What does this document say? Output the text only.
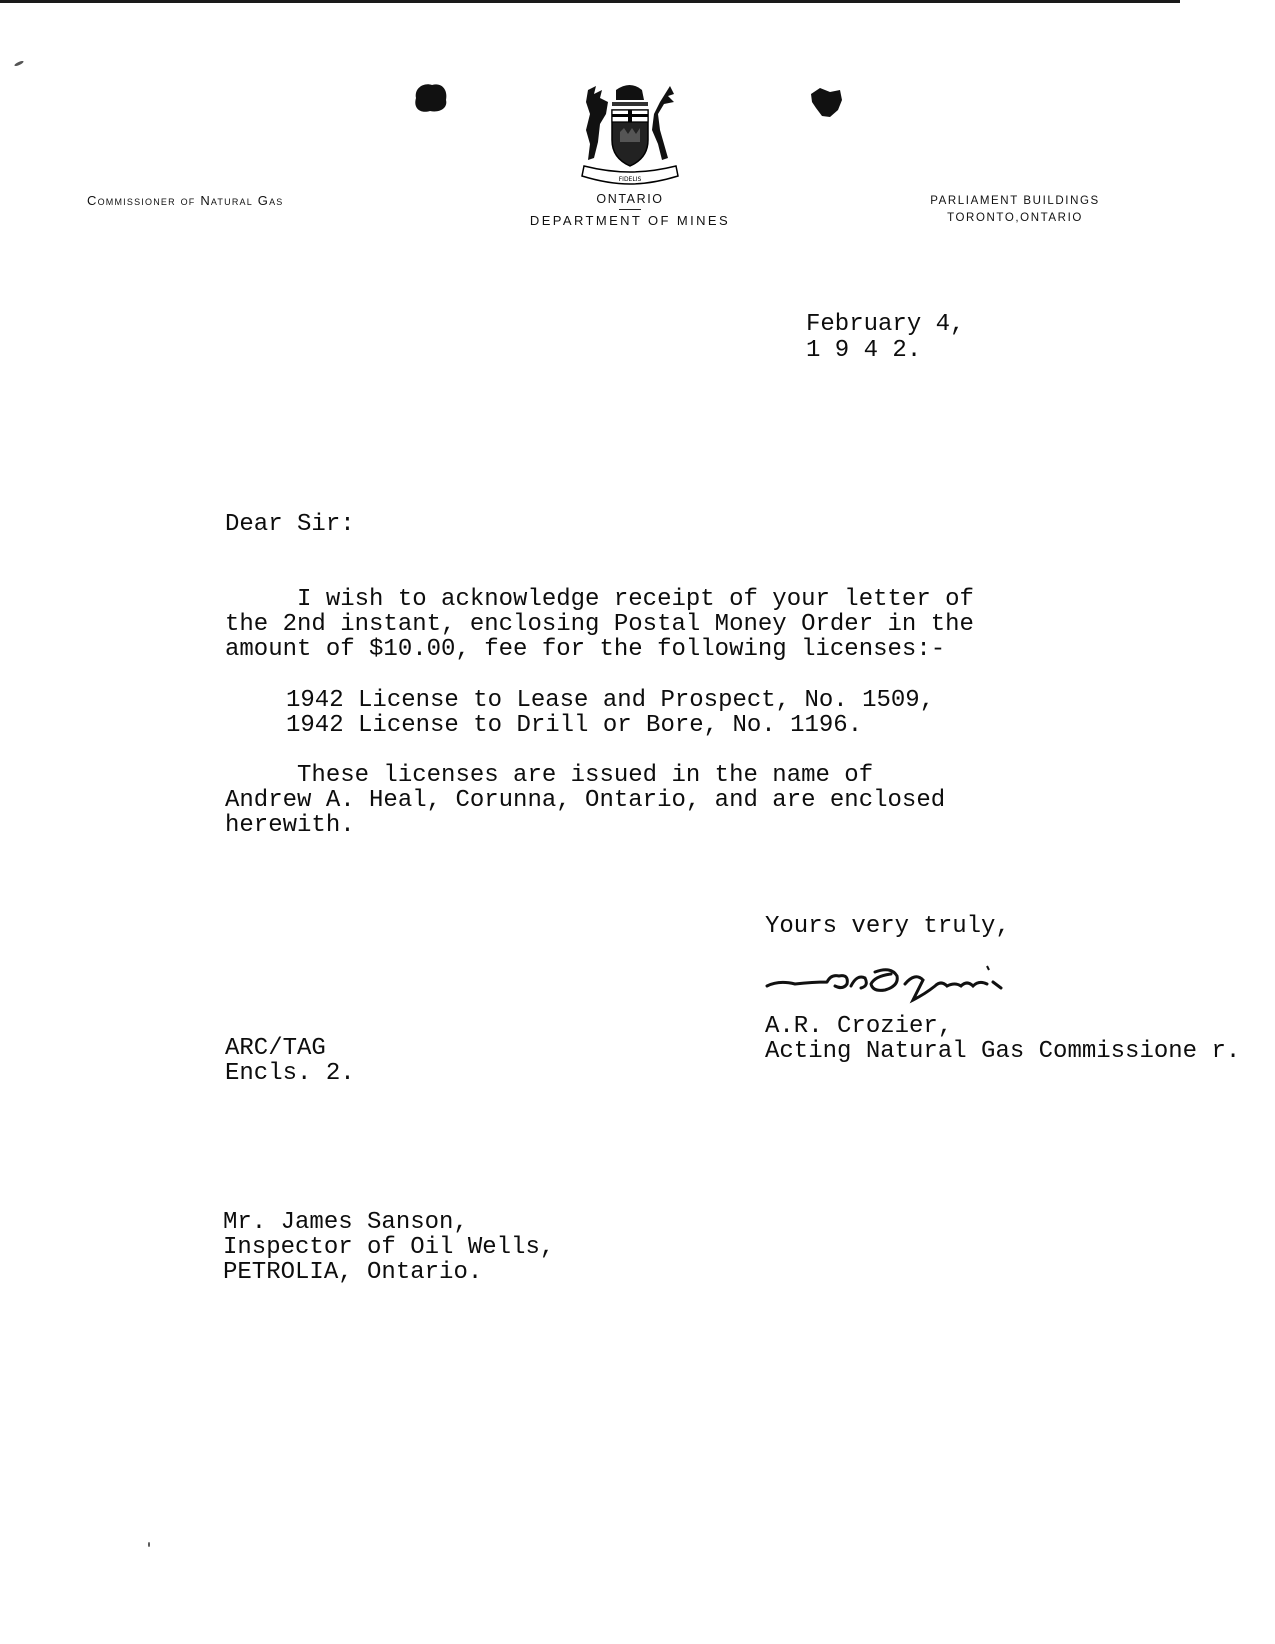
FIDELIS
Commissioner of Natural Gas	ONTARIO
DEPARTMENT OF MINES
PARLIAMENT BUILDINGS
TORONTO,ONTARIO
February 4,
1 9 4 2.
Dear Sir:
I wish to acknowledge receipt of your letter of
the 2nd instant, enclosing Postal Money Order in the
amount of $10.00, fee for the following licenses:-
1942 License to Lease and Prospect, No. 1509,
1942 License to Drill or Bore, No. 1196.
These licenses are issued in the name of
Andrew A. Heal, Corunna, Ontario, and are enclosed
herewith.
Yours very truly,
A.R. Crozier,
Acting Natural Gas Commissione r.
ARC/TAG
Encls. 2.
Mr. James Sanson,
Inspector of Oil Wells,
PETROLIA, Ontario.
